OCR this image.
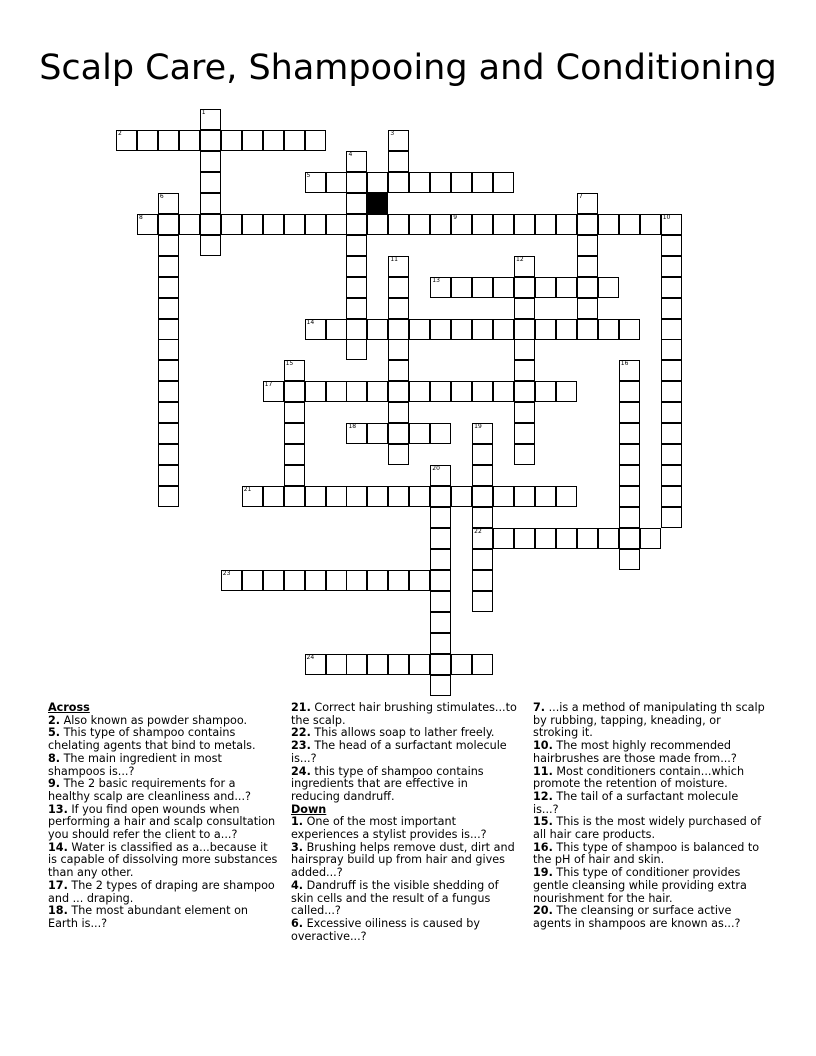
Scalp Care, Shampooing and Conditioning
1
2	3
4
5
6	7
8	9	10
11	12
13
14
15	16
17
18	19
22
20
21
23
24

Across

2. Also known as powder shampoo.

5. This type of shampoo contains chelating agents that bind to metals.

8. The main ingredient in most shampoos is...?

9. The 2 basic requirements for a healthy scalp are cleanliness and...?

13. If you find open wounds when performing a hair and scalp consultation you should refer the client to a...?

14. Water is classified as a...because it is capable of dissolving more substances than any other.

17. The 2 types of draping are shampoo and ... draping.

18. The most abundant element on Earth is...?

21. Correct hair brushing stimulates...to the scalp.

22. This allows soap to lather freely.

23. The head of a surfactant molecule is...?

24. this type of shampoo contains ingredients that are effective in reducing dandruff.

Down

1. One of the most important experiences a stylist provides is...?

3. Brushing helps remove dust, dirt and hairspray build up from hair and gives added...?

4. Dandruff is the visible shedding of skin cells and the result of a fungus called...?

6. Excessive oiliness is caused by overactive...?

7. ...is a method of manipulating th scalp by rubbing, tapping, kneading, or stroking it.

10. The most highly recommended hairbrushes are those made from...?

11. Most conditioners contain...which promote the retention of moisture.

12. The tail of a surfactant molecule is...?

15. This is the most widely purchased of all hair care products.

16. This type of shampoo is balanced to the pH of hair and skin.

19. This type of conditioner provides gentle cleansing while providing extra nourishment for the hair.

20. The cleansing or surface active agents in shampoos are known as...?
